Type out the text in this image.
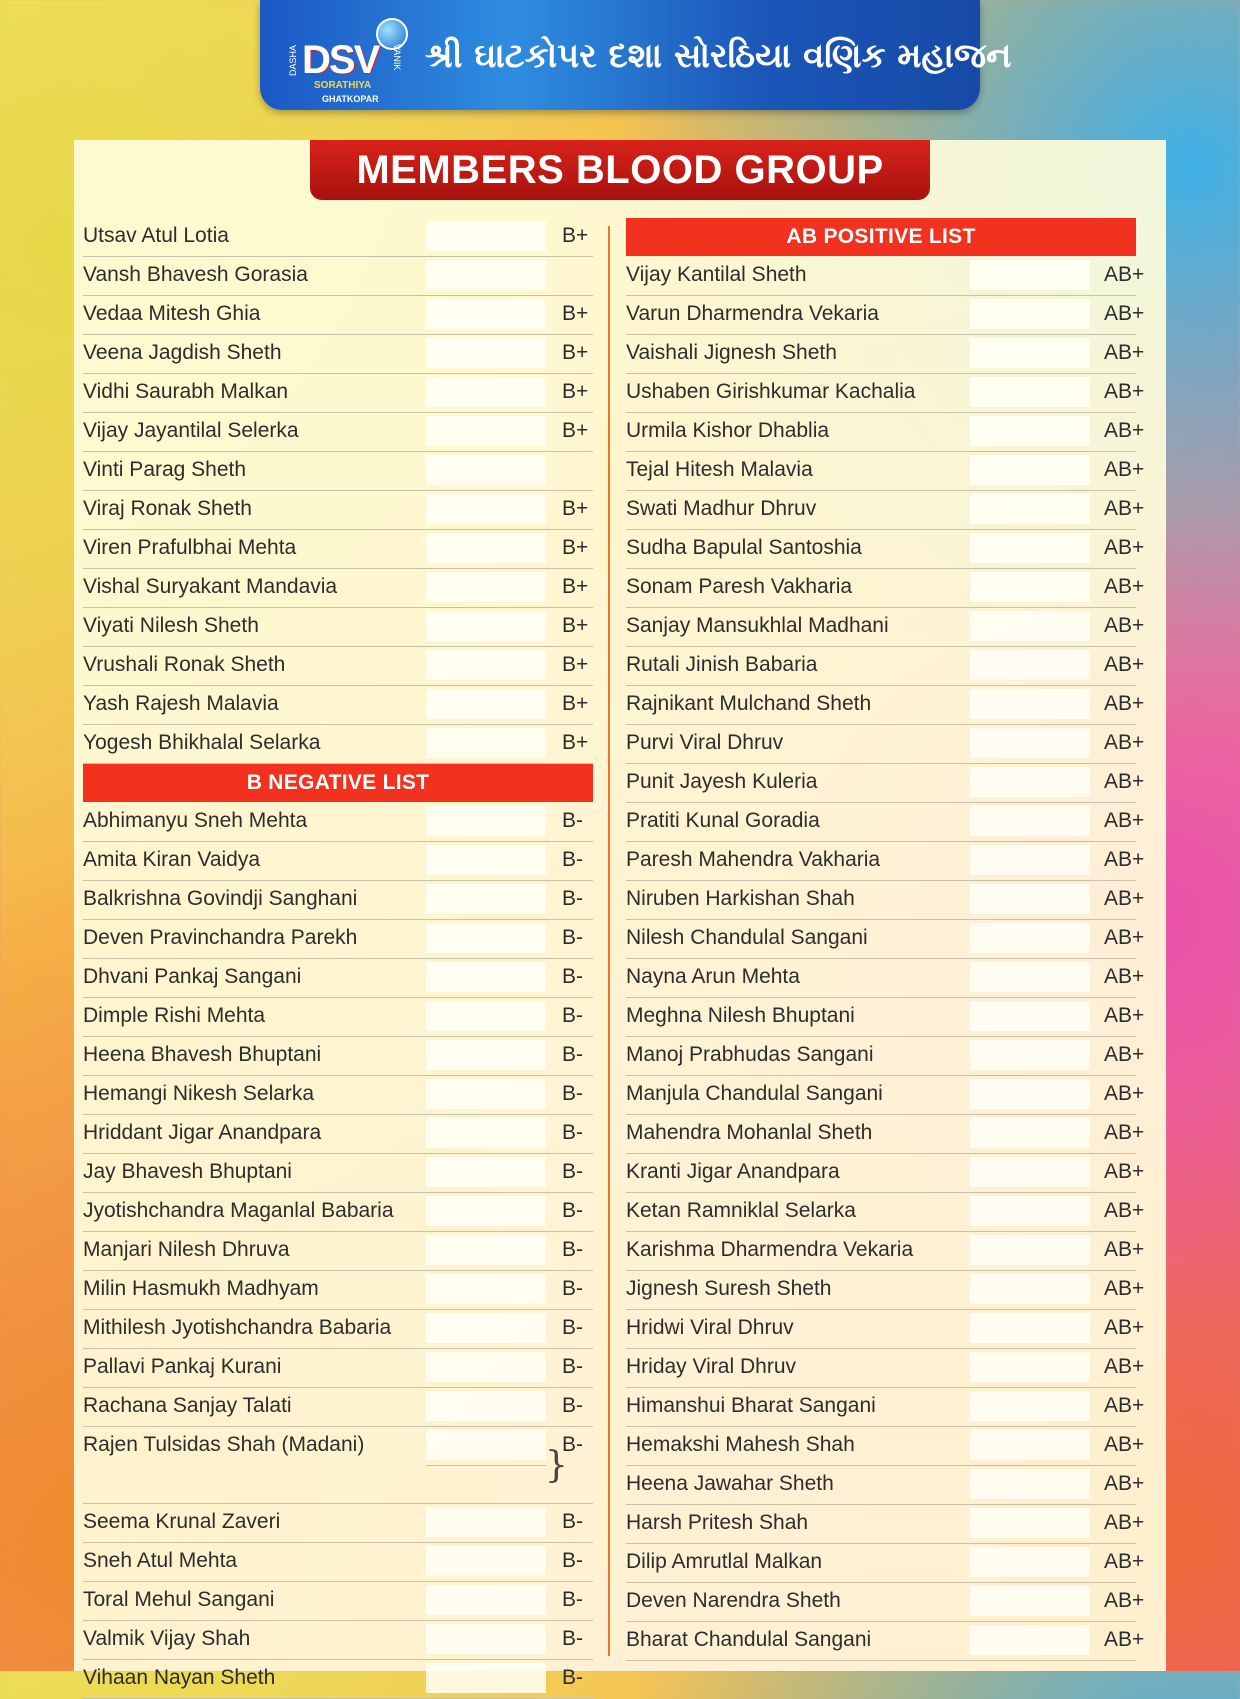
DSV
DASHA	VANIK
SORATHIYA
GHATKOPAR
શ્રી ઘાટકોપર દશા સોરઠિયા વણિક મહાજન
MEMBERS BLOOD GROUP
Utsav Atul Lotia	B+
Vansh Bhavesh Gorasia
Vedaa Mitesh Ghia	B+
Veena Jagdish Sheth	B+
Vidhi Saurabh Malkan	B+
Vijay Jayantilal Selerka	B+
Vinti Parag Sheth
Viraj Ronak Sheth	B+
Viren Prafulbhai Mehta	B+
Vishal Suryakant Mandavia	B+
Viyati Nilesh Sheth	B+
Vrushali Ronak Sheth	B+
Yash Rajesh Malavia	B+
Yogesh Bhikhalal Selarka	B+
B NEGATIVE LIST
Abhimanyu Sneh Mehta	B-
Amita Kiran Vaidya	B-
Balkrishna Govindji Sanghani	B-
Deven Pravinchandra Parekh	B-
Dhvani Pankaj Sangani	B-
Dimple Rishi Mehta	B-
Heena Bhavesh Bhuptani	B-
Hemangi Nikesh Selarka	B-
Hriddant Jigar Anandpara	B-
Jay Bhavesh Bhuptani	B-
Jyotishchandra Maganlal Babaria	B-
Manjari Nilesh Dhruva	B-
Milin Hasmukh Madhyam	B-
Mithilesh Jyotishchandra Babaria	B-
Pallavi Pankaj Kurani	B-
Rachana Sanjay Talati	B-
Rajen Tulsidas Shah (Madani)	B-
}
Seema Krunal Zaveri	B-
Sneh Atul Mehta	B-
Toral Mehul Sangani	B-
Valmik Vijay Shah	B-
Vihaan Nayan Sheth	B-
AB POSITIVE LIST
Vijay Kantilal Sheth	AB+
Varun Dharmendra Vekaria	AB+
Vaishali Jignesh Sheth	AB+
Ushaben Girishkumar Kachalia	AB+
Urmila Kishor Dhablia	AB+
Tejal Hitesh Malavia	AB+
Swati Madhur Dhruv	AB+
Sudha Bapulal Santoshia	AB+
Sonam Paresh Vakharia	AB+
Sanjay Mansukhlal Madhani	AB+
Rutali Jinish Babaria	AB+
Rajnikant Mulchand Sheth	AB+
Purvi Viral Dhruv	AB+
Punit Jayesh Kuleria	AB+
Pratiti Kunal Goradia	AB+
Paresh Mahendra Vakharia	AB+
Niruben Harkishan Shah	AB+
Nilesh Chandulal Sangani	AB+
Nayna Arun Mehta	AB+
Meghna Nilesh Bhuptani	AB+
Manoj Prabhudas Sangani	AB+
Manjula Chandulal Sangani	AB+
Mahendra Mohanlal Sheth	AB+
Kranti Jigar Anandpara	AB+
Ketan Ramniklal Selarka	AB+
Karishma Dharmendra Vekaria	AB+
Jignesh Suresh Sheth	AB+
Hridwi Viral Dhruv	AB+
Hriday Viral Dhruv	AB+
Himanshui Bharat Sangani	AB+
Hemakshi Mahesh Shah	AB+
Heena Jawahar Sheth	AB+
Harsh Pritesh Shah	AB+
Dilip Amrutlal Malkan	AB+
Deven Narendra Sheth	AB+
Bharat Chandulal Sangani	AB+
